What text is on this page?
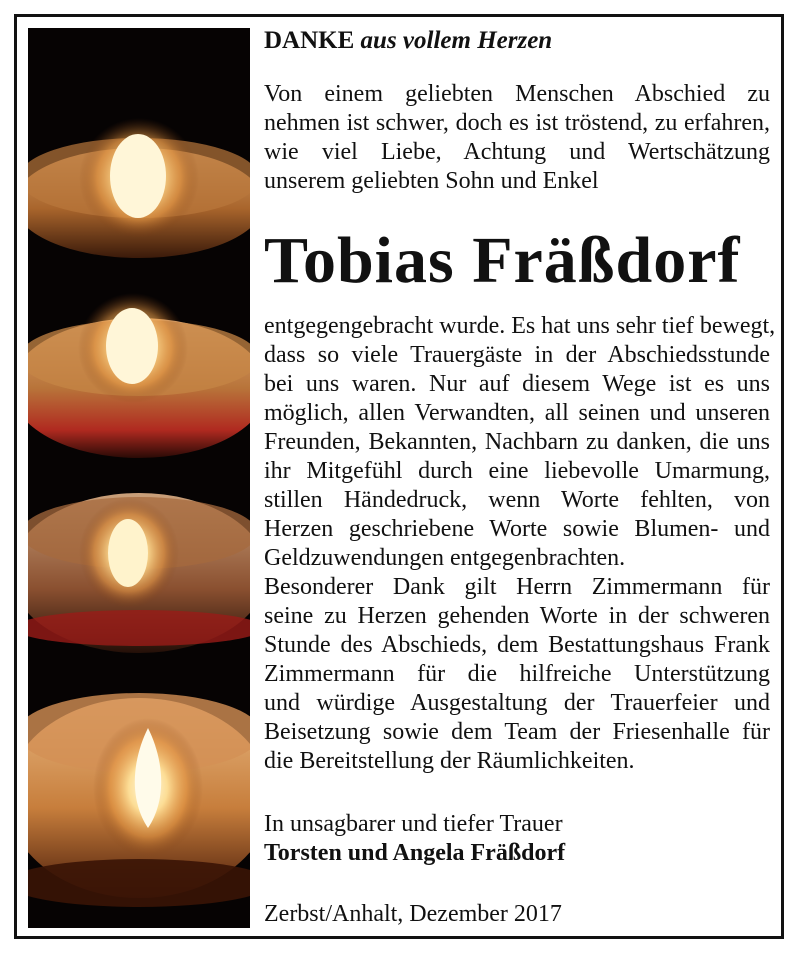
DANKE aus vollem Herzen

Von einem geliebten Menschen Abschied zu
nehmen ist schwer, doch es ist tröstend, zu erfahren,
wie viel Liebe, Achtung und Wertschätzung
unserem geliebten Sohn und Enkel

Tobias Fräßdorf

entgegengebracht wurde. Es hat uns sehr tief bewegt,
dass so viele Trauergäste in der Abschiedsstunde
bei uns waren. Nur auf diesem Wege ist es uns
möglich, allen Verwandten, all seinen und unseren
Freunden, Bekannten, Nachbarn zu danken, die uns
ihr Mitgefühl durch eine liebevolle Umarmung,
stillen Händedruck, wenn Worte fehlten, von
Herzen geschriebene Worte sowie Blumen- und
Geldzuwendungen entgegenbrachten.
Besonderer Dank gilt Herrn Zimmermann für
seine zu Herzen gehenden Worte in der schweren
Stunde des Abschieds, dem Bestattungshaus Frank
Zimmermann für die hilfreiche Unterstützung
und würdige Ausgestaltung der Trauerfeier und
Beisetzung sowie dem Team der Friesenhalle für
die Bereitstellung der Räumlichkeiten.

In unsagbarer und tiefer Trauer
Torsten und Angela Fräßdorf
Zerbst/Anhalt, Dezember 2017
